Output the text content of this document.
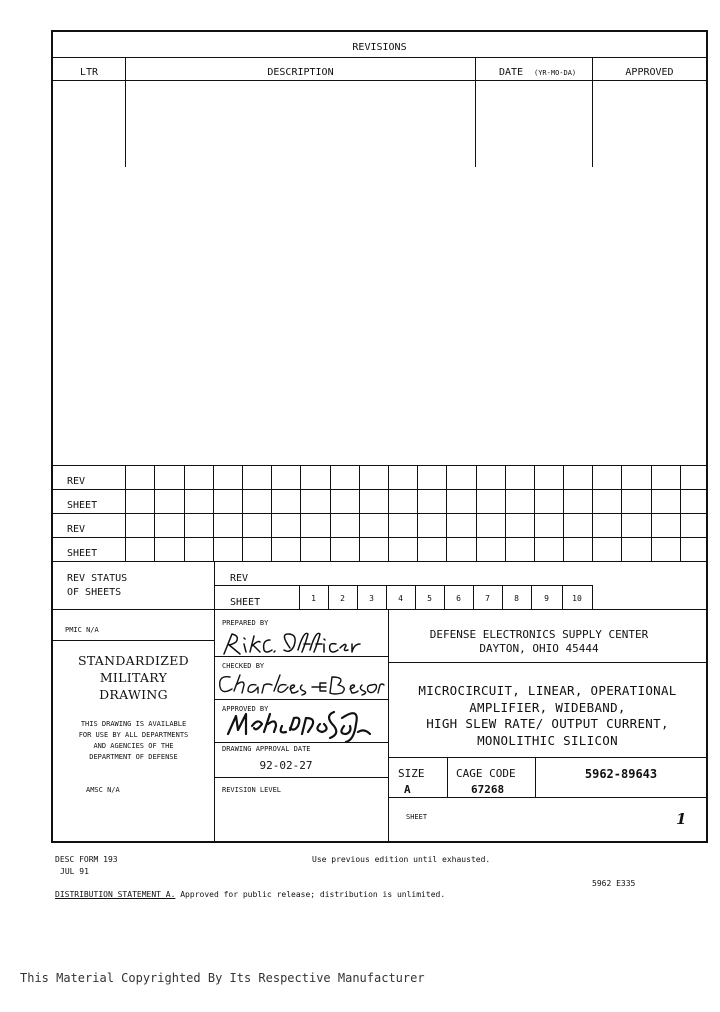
REVISIONS
LTR	DESCRIPTION	DATE (YR-MO-DA)	APPROVED
REV
SHEET
REV
SHEET
REV STATUS
OF SHEETS
REV
SHEET	1	2	3	4	5	6	7	8	9	10
PMIC N/A
STANDARDIZED
MILITARY
DRAWING
THIS DRAWING IS AVAILABLE
FOR USE BY ALL DEPARTMENTS
AND AGENCIES OF THE
DEPARTMENT OF DEFENSE
AMSC N/A
PREPARED BY
CHECKED BY
APPROVED BY
DRAWING APPROVAL DATE
92-02-27
REVISION LEVEL
DEFENSE ELECTRONICS SUPPLY CENTER
DAYTON, OHIO 45444
MICROCIRCUIT, LINEAR, OPERATIONAL
AMPLIFIER, WIDEBAND,
HIGH SLEW RATE/ OUTPUT CURRENT,
MONOLITHIC SILICON
SIZE
A
CAGE CODE
67268
5962-89643
SHEET	1
DESC FORM 193
JUL 91
Use previous edition until exhausted.
5962 E335
DISTRIBUTION STATEMENT A. Approved for public release; distribution is unlimited.
This Material Copyrighted By Its Respective Manufacturer
